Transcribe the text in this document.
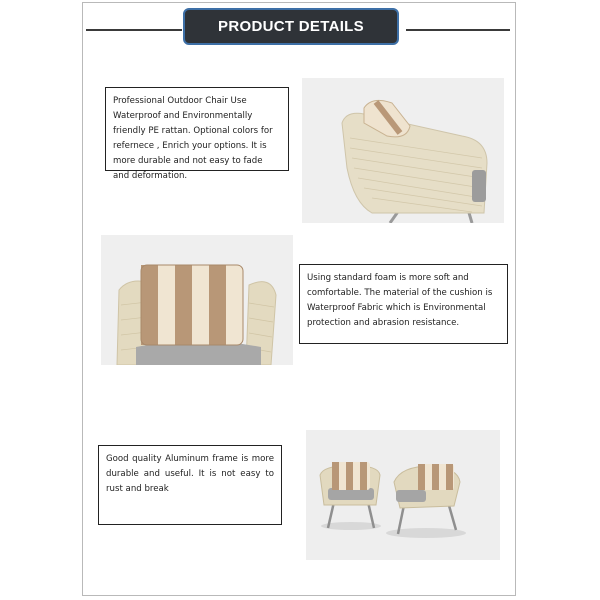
PRODUCT DETAILS
Professional Outdoor Chair Use Waterproof and Environmentally friendly PE rattan. Optional colors for refernece , Enrich your options. It is more durable and not easy to fade and deformation.
Using standard foam is more soft and comfortable. The material of the cushion is Waterproof Fabric which is Environmental protection and abrasion resistance.
Good quality Aluminum frame is more durable and useful. It is not easy to rust and break
